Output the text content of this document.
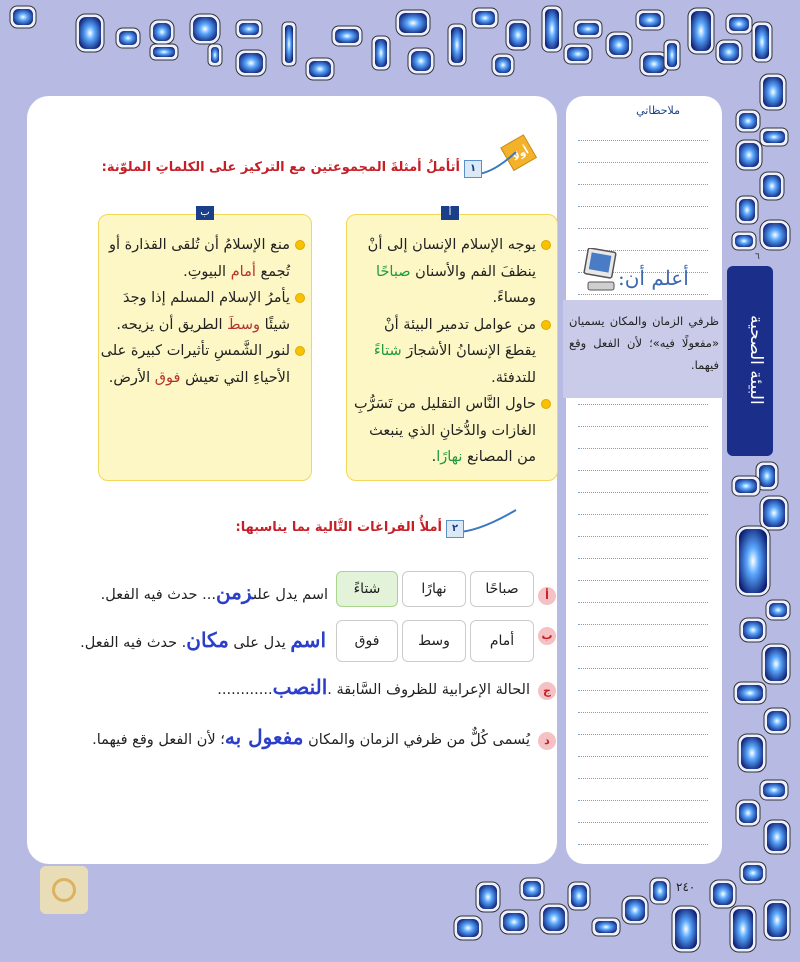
ملاحظاتي
أعلم أن:
ظرفي الزمان والمكان يسميان «مفعولًا فيه»؛ لأن الفعل وقع فيهما.	البيئة الصحية
٦
أولا
١أتأملُ أمثلةَ المجموعتين مع التركيز على الكلماتِ الملوّنة:
أ
يوجه الإسلام الإنسان إلى أنْ ينظفَ الفم والأسنان صباحًا ومساءً.
من عوامل تدمير البيئة أنْ يقطعَ الإنسانُ الأشجارَ شتاءً للتدفئة.
حاول النَّاس التقليل من تَسَرُّبِ الغازات والدُّخانِ الذي ينبعث من المصانع نهارًا.
ب
منع الإسلامُ أن تُلقى القذارة أو تُجمع أمام البيوتِ.
يأمرُ الإسلام المسلم إذا وجدَ شيئًا وسطَ الطريق أن يزيحه.
لنور الشَّمسِ تأثيرات كبيرة على الأحياءِ التي تعيش فوق الأرض.
٢أملأُ الفراغات التَّالية بما يناسبها:
أ
صباحًا
نهارًا
شتاءً
اسم يدل علىزمن... حدث فيه الفعل.
ب
أمام
وسط
فوق
اسم يدل على مكان. حدث فيه الفعل.
ج
الحالة الإعرابية للظروف السَّابقة .النصب............
د
يُسمى كُلٌّ من ظرفي الزمان والمكان مفعول به؛ لأن الفعل وقع فيهما.
٢٤٠
